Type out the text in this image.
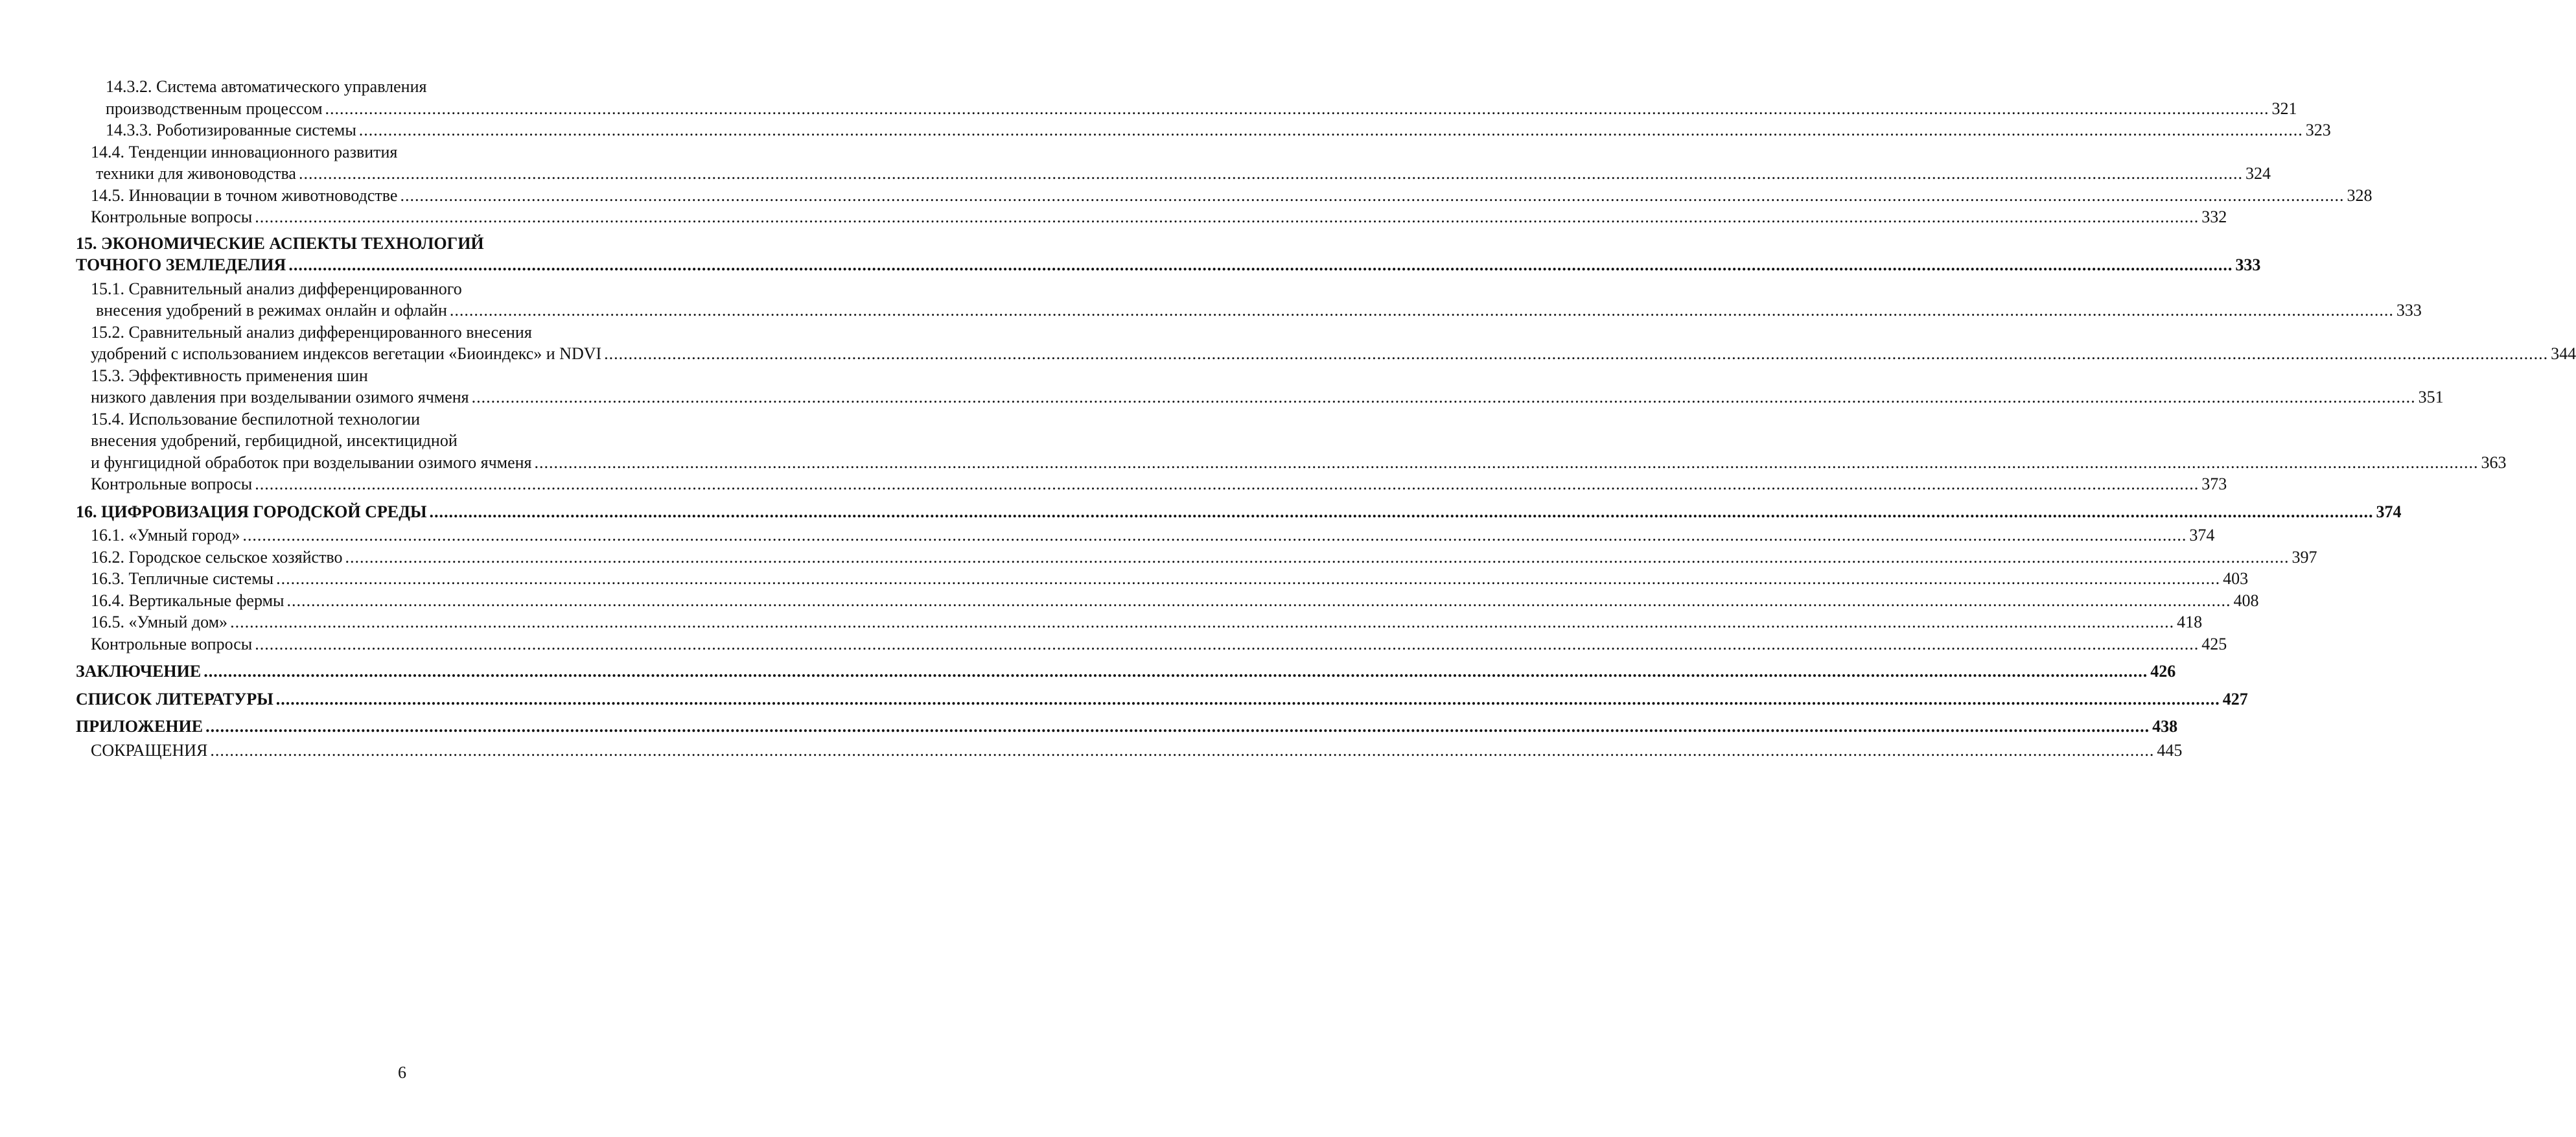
14.3.2. Система автоматического управления
производственным процессом ................................................................................................................................................................................................................................................................................................................................................................................................................ 321
14.3.3. Роботизированные системы ................................................................................................................................................................................................................................................................................................................................................................................................................ 323
14.4. Тенденции инновационного развития
техники для живоноводства ................................................................................................................................................................................................................................................................................................................................................................................................................ 324
14.5. Инновации в точном животноводстве ................................................................................................................................................................................................................................................................................................................................................................................................................ 328
Контрольные вопросы ................................................................................................................................................................................................................................................................................................................................................................................................................ 332
15. ЭКОНОМИЧЕСКИЕ АСПЕКТЫ ТЕХНОЛОГИЙ
ТОЧНОГО ЗЕМЛЕДЕЛИЯ ................................................................................................................................................................................................................................................................................................................................................................................................................ 333
15.1. Сравнительный анализ дифференцированного
внесения удобрений в режимах онлайн и офлайн ................................................................................................................................................................................................................................................................................................................................................................................................................ 333
15.2. Сравнительный анализ дифференцированного внесения
удобрений с использованием индексов вегетации «Биоиндекс» и NDVI ................................................................................................................................................................................................................................................................................................................................................................................................................ 344
15.3. Эффективность применения шин
низкого давления при возделывании озимого ячменя ................................................................................................................................................................................................................................................................................................................................................................................................................ 351
15.4. Использование беспилотной технологии
внесения удобрений, гербицидной, инсектицидной
и фунгицидной обработок при возделывании озимого ячменя ................................................................................................................................................................................................................................................................................................................................................................................................................ 363
Контрольные вопросы ................................................................................................................................................................................................................................................................................................................................................................................................................ 373
16. ЦИФРОВИЗАЦИЯ ГОРОДСКОЙ СРЕДЫ ................................................................................................................................................................................................................................................................................................................................................................................................................ 374
16.1. «Умный город» ................................................................................................................................................................................................................................................................................................................................................................................................................ 374
16.2. Городское сельское хозяйство ................................................................................................................................................................................................................................................................................................................................................................................................................ 397
16.3. Тепличные системы ................................................................................................................................................................................................................................................................................................................................................................................................................ 403
16.4. Вертикальные фермы ................................................................................................................................................................................................................................................................................................................................................................................................................ 408
16.5. «Умный дом» ................................................................................................................................................................................................................................................................................................................................................................................................................ 418
Контрольные вопросы ................................................................................................................................................................................................................................................................................................................................................................................................................ 425
ЗАКЛЮЧЕНИЕ ................................................................................................................................................................................................................................................................................................................................................................................................................ 426
СПИСОК ЛИТЕРАТУРЫ ................................................................................................................................................................................................................................................................................................................................................................................................................ 427
ПРИЛОЖЕНИЕ ................................................................................................................................................................................................................................................................................................................................................................................................................ 438
СОКРАЩЕНИЯ ................................................................................................................................................................................................................................................................................................................................................................................................................ 445
6
